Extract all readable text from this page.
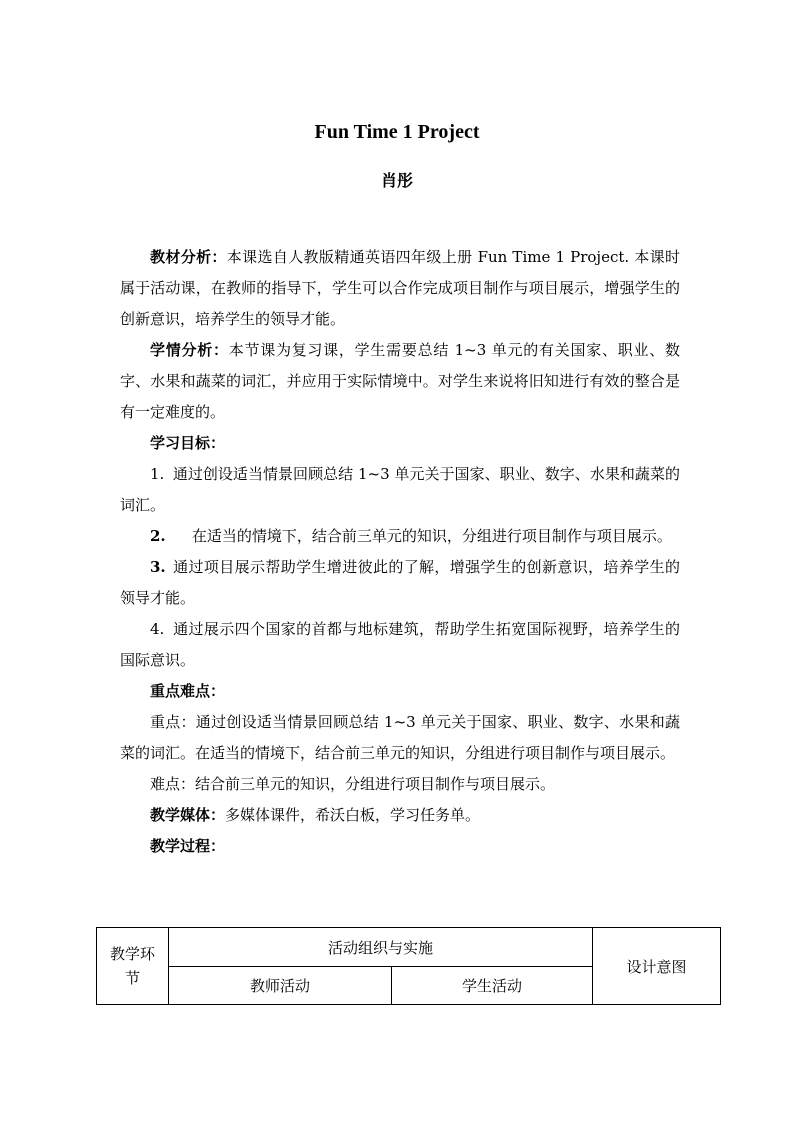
Fun Time 1 Project
肖彤

教材分析：本课选自人教版精通英语四年级上册 Fun Time 1 Project. 本课时属于活动课，在教师的指导下，学生可以合作完成项目制作与项目展示，增强学生的创新意识，培养学生的领导才能。

学情分析：本节课为复习课，学生需要总结 1~3 单元的有关国家、职业、数字、水果和蔬菜的词汇，并应用于实际情境中。对学生来说将旧知进行有效的整合是有一定难度的。

学习目标：

1. 通过创设适当情景回顾总结 1~3 单元关于国家、职业、数字、水果和蔬菜的词汇。

2. 在适当的情境下，结合前三单元的知识，分组进行项目制作与项目展示。

3. 通过项目展示帮助学生增进彼此的了解，增强学生的创新意识，培养学生的领导才能。

4. 通过展示四个国家的首都与地标建筑，帮助学生拓宽国际视野，培养学生的国际意识。

重点难点：

重点：通过创设适当情景回顾总结 1~3 单元关于国家、职业、数字、水果和蔬菜的词汇。在适当的情境下，结合前三单元的知识，分组进行项目制作与项目展示。

难点：结合前三单元的知识，分组进行项目制作与项目展示。

教学媒体：多媒体课件，希沃白板，学习任务单。

教学过程：

教学环节	活动组织与实施		设计意图
	教师活动	学生活动	
